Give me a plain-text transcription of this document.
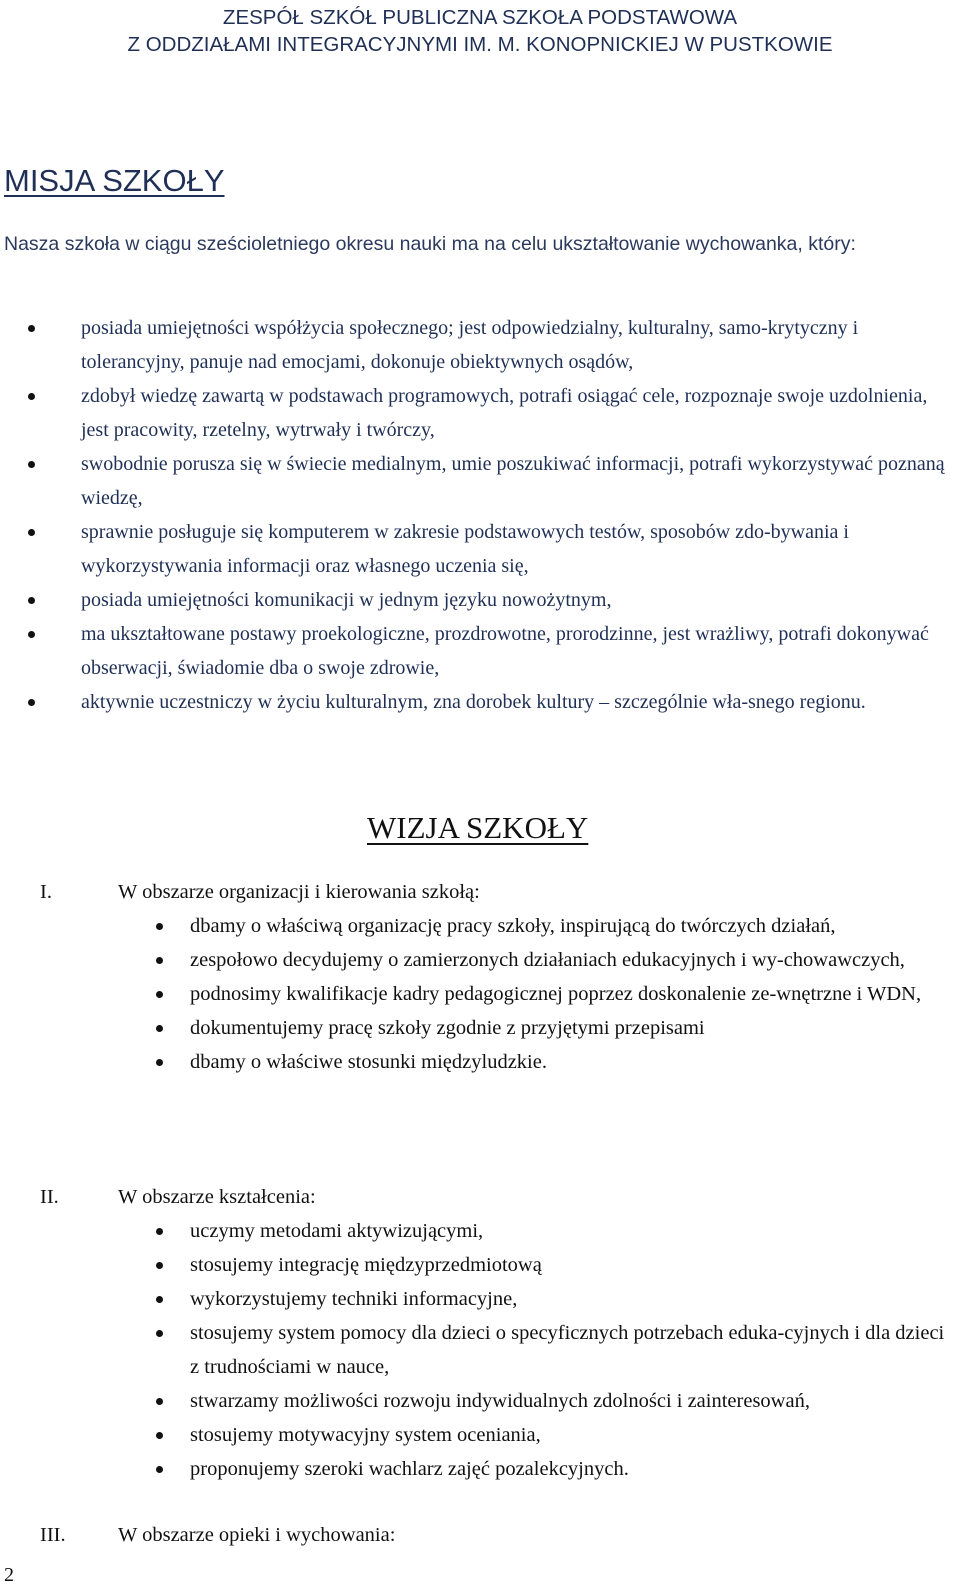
ZESPÓŁ SZKÓŁ PUBLICZNA SZKOŁA PODSTAWOWA
Z ODDZIAŁAMI INTEGRACYJNYMI IM. M. KONOPNICKIEJ W PUSTKOWIE
MISJA SZKOŁY
Nasza szkoła w ciągu sześcioletniego okresu nauki ma na celu ukształtowanie wychowanka, który:
posiada umiejętności współżycia społecznego; jest odpowiedzialny, kulturalny, samo-krytyczny i tolerancyjny, panuje nad emocjami, dokonuje obiektywnych osądów,
zdobył wiedzę zawartą w podstawach programowych, potrafi osiągać cele, rozpoznaje swoje uzdolnienia, jest pracowity, rzetelny, wytrwały i twórczy,
swobodnie porusza się w świecie medialnym, umie poszukiwać informacji, potrafi wykorzystywać poznaną wiedzę,
sprawnie posługuje się komputerem w zakresie podstawowych testów, sposobów zdo-bywania i wykorzystywania informacji oraz własnego uczenia się,
posiada umiejętności komunikacji w jednym języku nowożytnym,
ma ukształtowane postawy proekologiczne, prozdrowotne, prorodzinne, jest wrażliwy, potrafi dokonywać obserwacji, świadomie dba o swoje zdrowie,
aktywnie uczestniczy w życiu kulturalnym, zna dorobek kultury – szczególnie wła-snego regionu.
WIZJA SZKOŁY
I.	W obszarze organizacji i kierowania szkołą:
dbamy o właściwą organizację pracy szkoły, inspirującą do twórczych działań,
zespołowo decydujemy o zamierzonych działaniach edukacyjnych i wy-chowawczych,
podnosimy kwalifikacje kadry pedagogicznej poprzez doskonalenie ze-wnętrzne i WDN,
dokumentujemy pracę szkoły zgodnie z przyjętymi przepisami
dbamy o właściwe stosunki międzyludzkie.
II.	W obszarze kształcenia:
uczymy metodami aktywizującymi,
stosujemy integrację międzyprzedmiotową
wykorzystujemy techniki informacyjne,
stosujemy system pomocy dla dzieci o specyficznych potrzebach eduka-cyjnych i dla dzieci z trudnościami w nauce,
stwarzamy możliwości rozwoju indywidualnych zdolności i zainteresowań,
stosujemy motywacyjny system oceniania,
proponujemy szeroki wachlarz zajęć pozalekcyjnych.
III.	W obszarze opieki i wychowania:
2
